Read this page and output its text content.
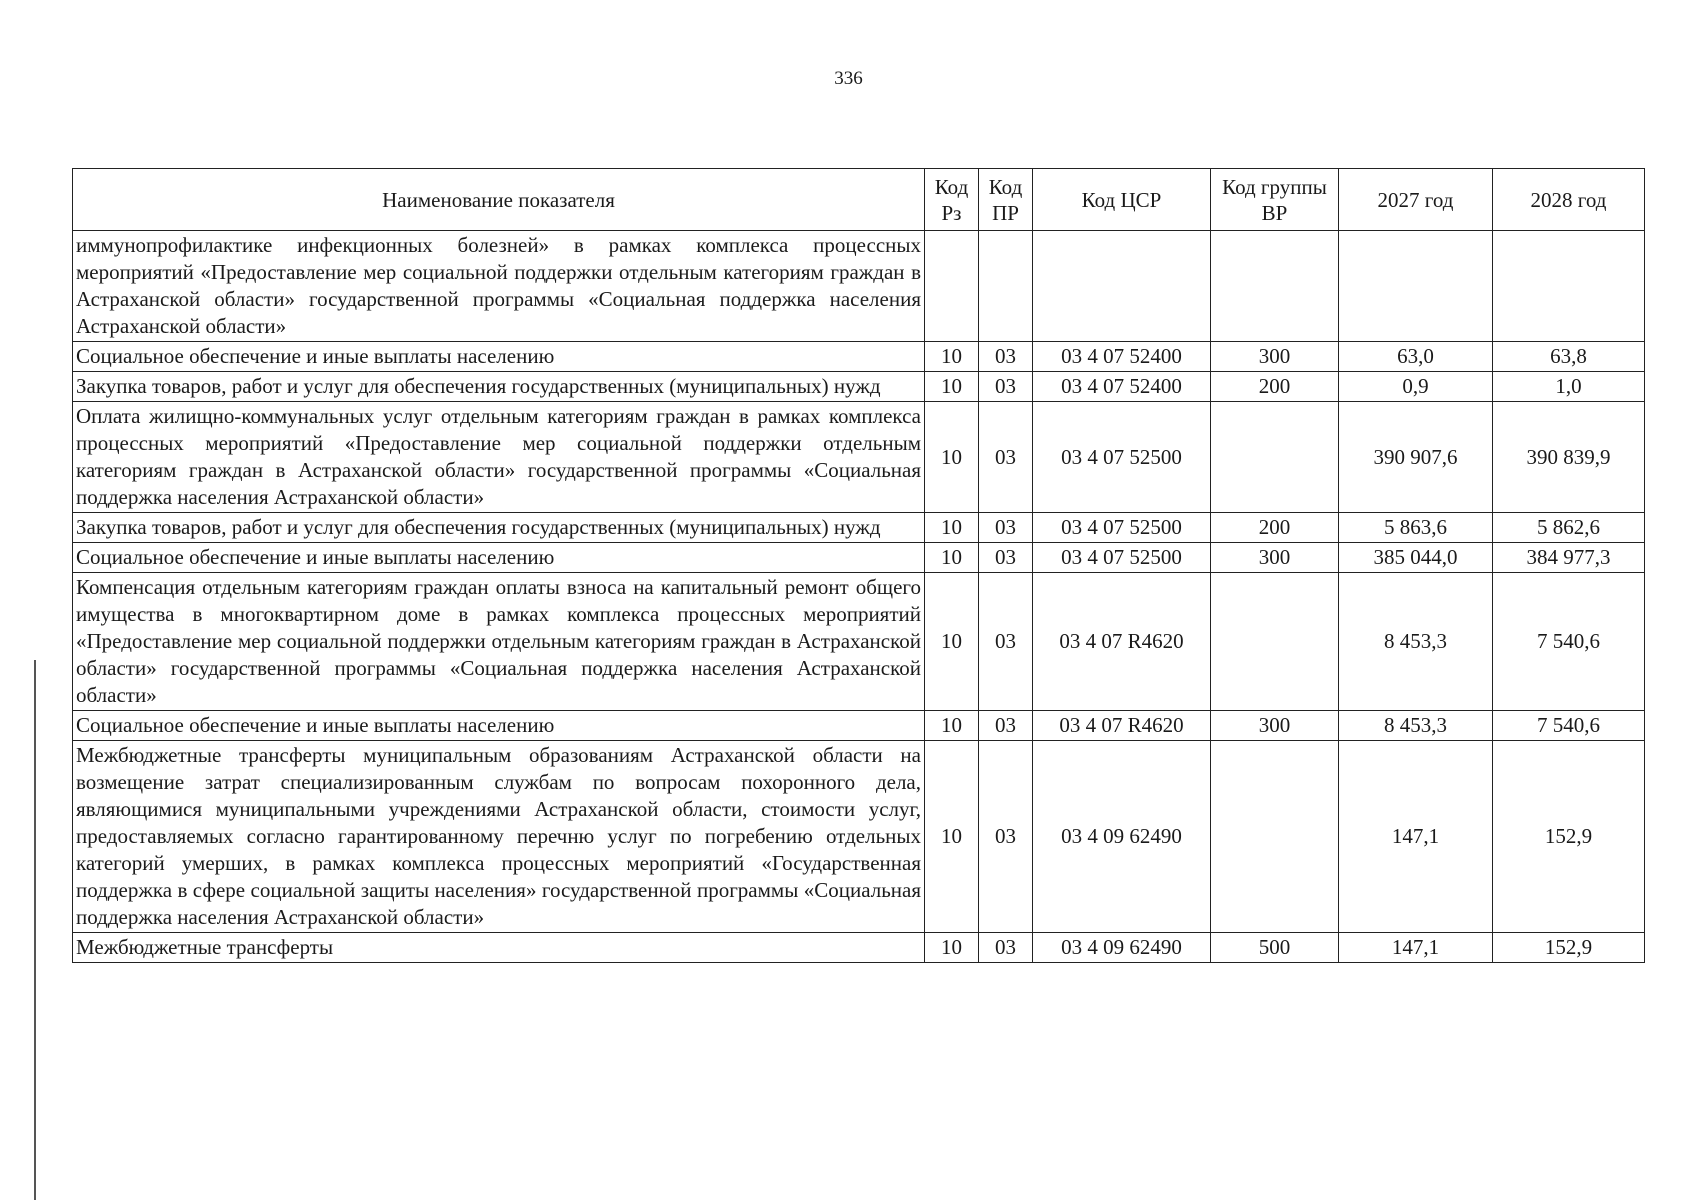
336
Наименование показателя	Код Рз	Код ПР	Код ЦСР	Код группы ВР	2027 год	2028 год
иммунопрофилактике инфекционных болезней» в рамках комплекса процессных мероприятий «Предоставление мер социальной поддержки отдельным категориям граждан в Астраханской области» государственной программы «Социальная поддержка населения Астраханской области»						
Социальное обеспечение и иные выплаты населению	10	03	03 4 07 52400	300	63,0	63,8
Закупка товаров, работ и услуг для обеспечения государственных (муниципальных) нужд	10	03	03 4 07 52400	200	0,9	1,0
Оплата жилищно-коммунальных услуг отдельным категориям граждан в рамках комплекса процессных мероприятий «Предоставление мер социальной поддержки отдельным категориям граждан в Астраханской области» государственной программы «Социальная поддержка населения Астраханской области»	10	03	03 4 07 52500		390 907,6	390 839,9
Закупка товаров, работ и услуг для обеспечения государственных (муниципальных) нужд	10	03	03 4 07 52500	200	5 863,6	5 862,6
Социальное обеспечение и иные выплаты населению	10	03	03 4 07 52500	300	385 044,0	384 977,3
Компенсация отдельным категориям граждан оплаты взноса на капитальный ремонт общего имущества в многоквартирном доме в рамках комплекса процессных мероприятий «Предоставление мер социальной поддержки отдельным категориям граждан в Астраханской области» государственной программы «Социальная поддержка населения Астраханской области»	10	03	03 4 07 R4620		8 453,3	7 540,6
Социальное обеспечение и иные выплаты населению	10	03	03 4 07 R4620	300	8 453,3	7 540,6
Межбюджетные трансферты муниципальным образованиям Астраханской области на возмещение затрат специализированным службам по вопросам похоронного дела, являющимися муниципальными учреждениями Астраханской области, стоимости услуг, предоставляемых согласно гарантированному перечню услуг по погребению отдельных категорий умерших, в рамках комплекса процессных мероприятий «Государственная поддержка в сфере социальной защиты населения» государственной программы «Социальная поддержка населения Астраханской области»	10	03	03 4 09 62490		147,1	152,9
Межбюджетные трансферты	10	03	03 4 09 62490	500	147,1	152,9
